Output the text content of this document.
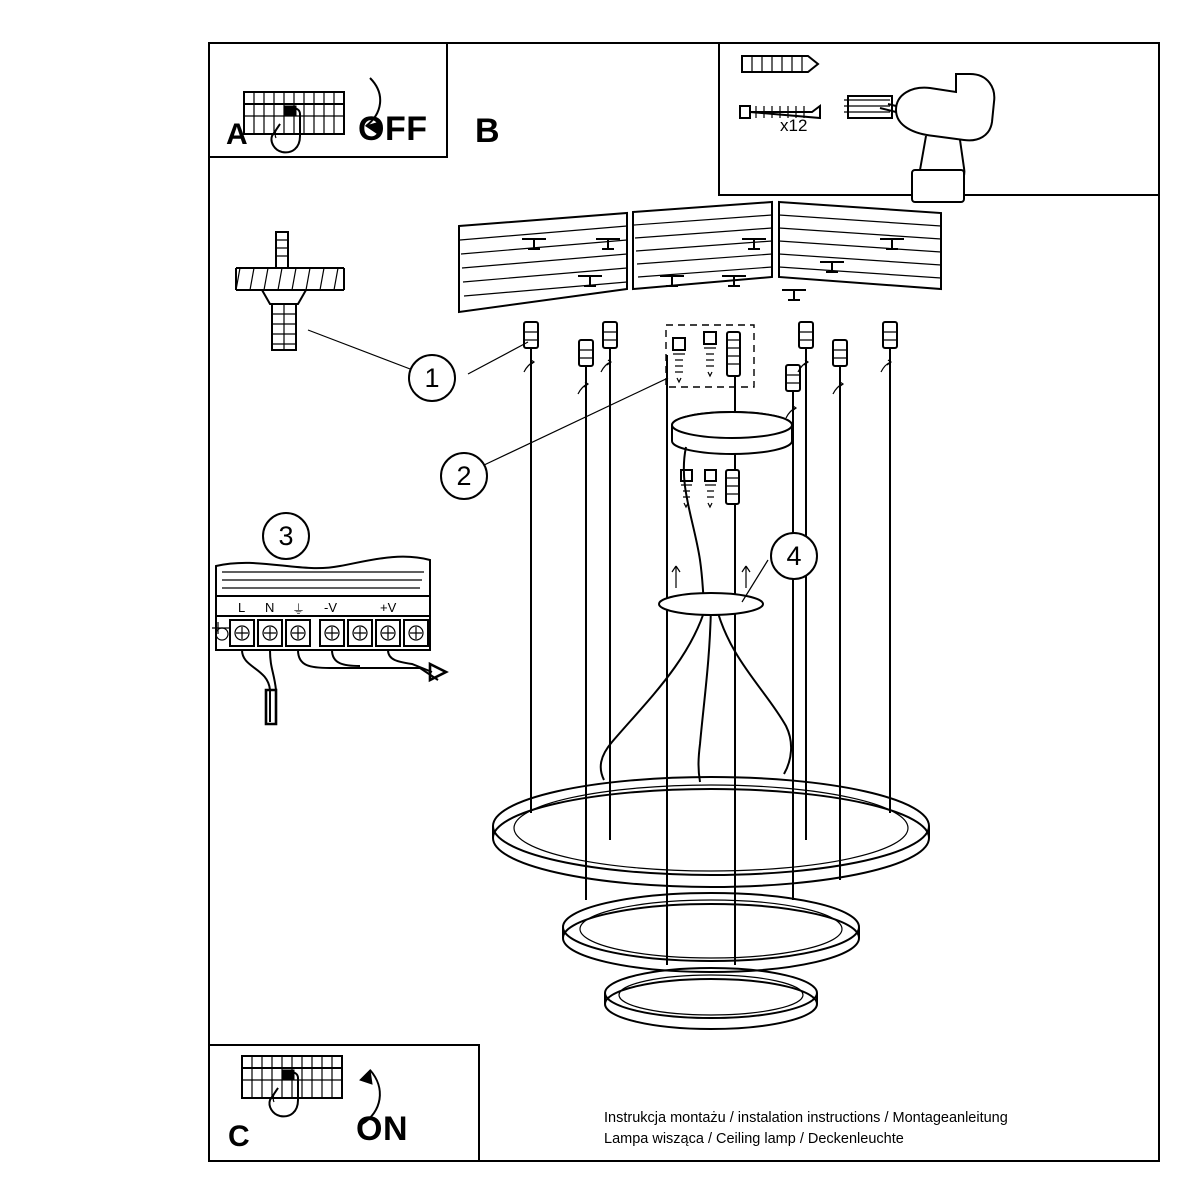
L N ⏚ -V	+V
A	OFF B	x12
C	ON
1
2
3
4
Instrukcja montażu / instalation instructions / Montageanleitung
Lampa wisząca / Ceiling lamp / Deckenleuchte
